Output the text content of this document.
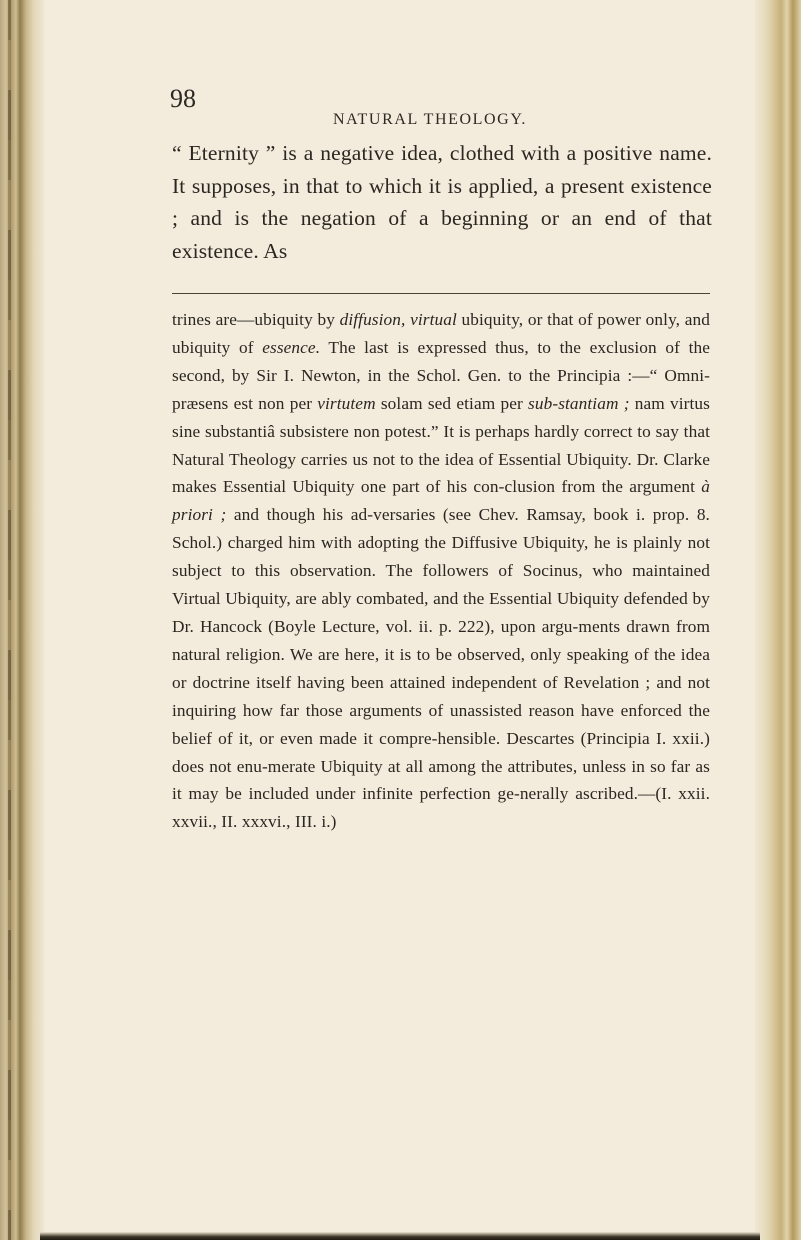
98
NATURAL THEOLOGY.

“ Eternity ” is a negative idea, clothed with a positive name. It supposes, in that to which it is applied, a present existence ; and is the negation of a beginning or an end of that existence. As

trines are—ubiquity by diffusion, virtual ubiquity, or that of power only, and ubiquity of essence. The last is expressed thus, to the exclusion of the second, by Sir I. Newton, in the Schol. Gen. to the Principia :—“ Omni-præsens est non per virtutem solam sed etiam per sub-stantiam ; nam virtus sine substantiâ subsistere non potest.” It is perhaps hardly correct to say that Natural Theology carries us not to the idea of Essential Ubiquity. Dr. Clarke makes Essential Ubiquity one part of his con-clusion from the argument à priori ; and though his ad-versaries (see Chev. Ramsay, book i. prop. 8. Schol.) charged him with adopting the Diffusive Ubiquity, he is plainly not subject to this observation. The followers of Socinus, who maintained Virtual Ubiquity, are ably combated, and the Essential Ubiquity defended by Dr. Hancock (Boyle Lecture, vol. ii. p. 222), upon argu-ments drawn from natural religion. We are here, it is to be observed, only speaking of the idea or doctrine itself having been attained independent of Revelation ; and not inquiring how far those arguments of unassisted reason have enforced the belief of it, or even made it compre-hensible. Descartes (Principia I. xxii.) does not enu-merate Ubiquity at all among the attributes, unless in so far as it may be included under infinite perfection ge-nerally ascribed.—(I. xxii. xxvii., II. xxxvi., III. i.)
